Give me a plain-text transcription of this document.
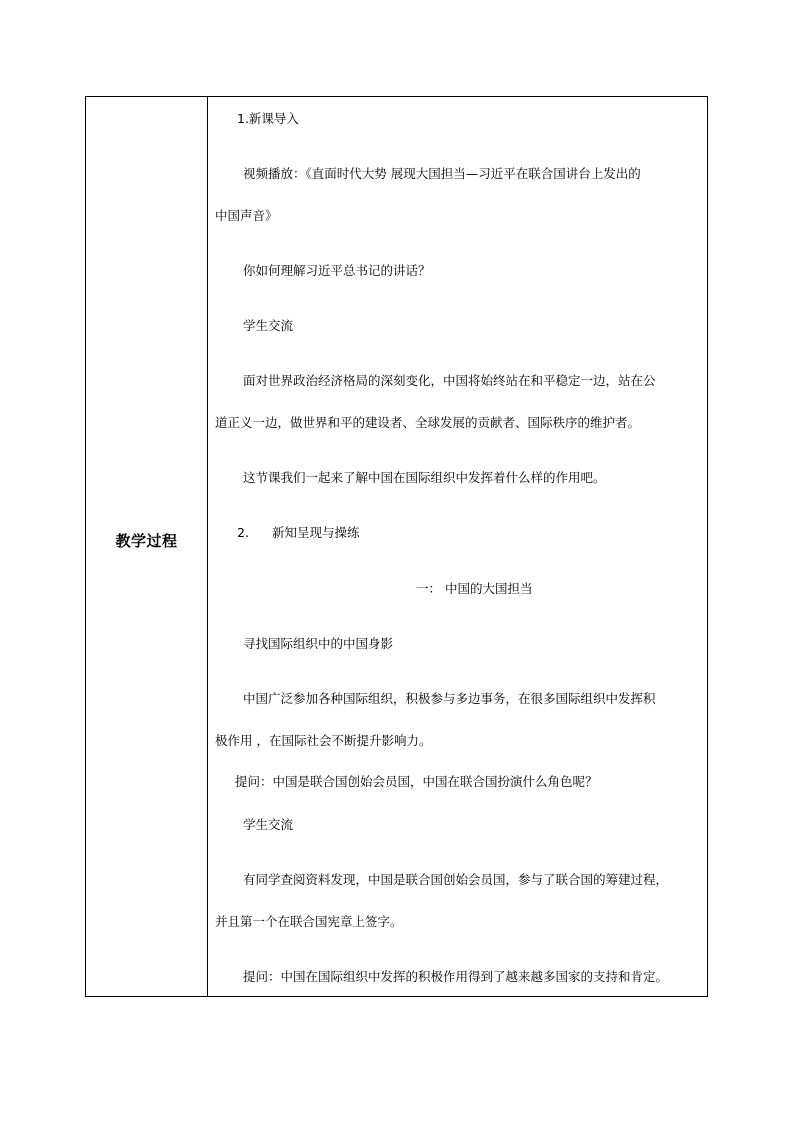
教学过程
1.新课导入
视频播放：《直面时代大势 展现大国担当—习近平在联合国讲台上发出的
中国声音》
你如何理解习近平总书记的讲话？
学生交流
面对世界政治经济格局的深刻变化，中国将始终站在和平稳定一边，站在公
道正义一边，做世界和平的建设者、全球发展的贡献者、国际秩序的维护者。
这节课我们一起来了解中国在国际组织中发挥着什么样的作用吧。
2. 新知呈现与操练
一： 中国的大国担当
寻找国际组织中的中国身影
中国广泛参加各种国际组织，积极参与多边事务，在很多国际组织中发挥积
极作用 ，在国际社会不断提升影响力。
提问：中国是联合国创始会员国，中国在联合国扮演什么角色呢？
学生交流
有同学查阅资料发现，中国是联合国创始会员国，参与了联合国的筹建过程，
并且第一个在联合国宪章上签字。
提问：中国在国际组织中发挥的积极作用得到了越来越多国家的支持和肯定。
